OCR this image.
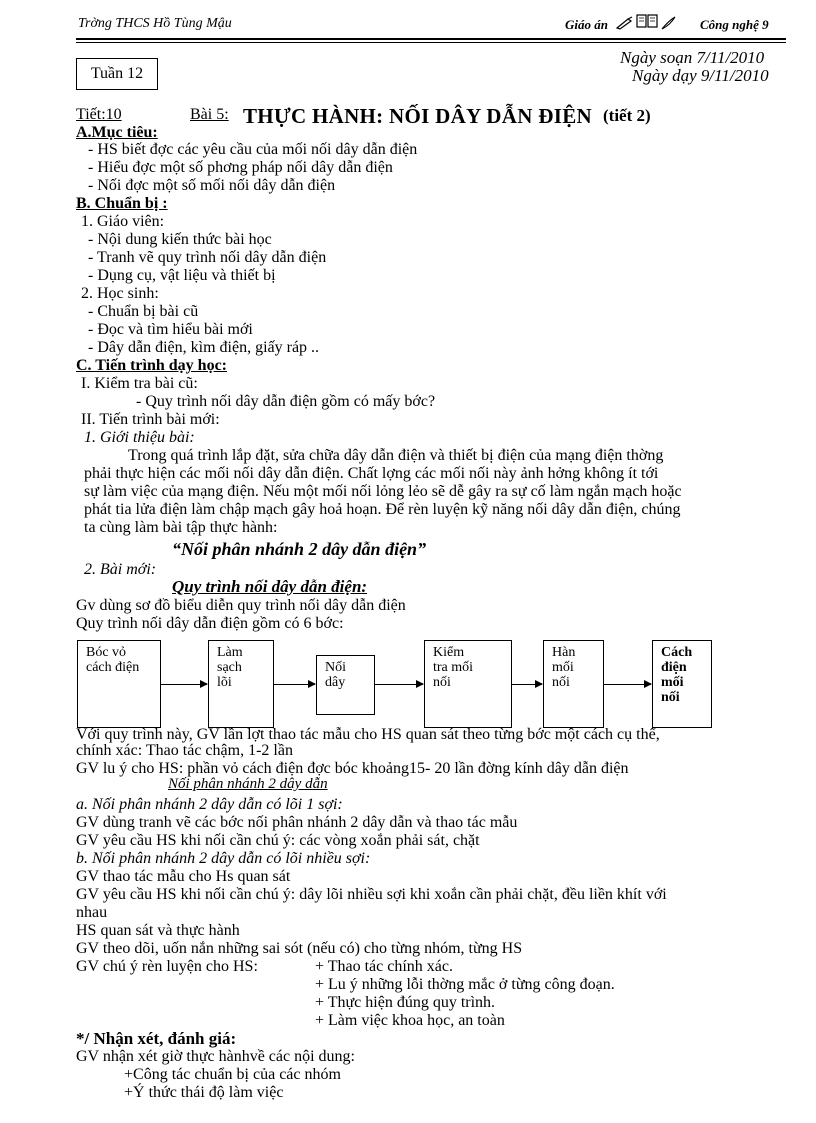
Trờng THCS Hồ Tùng Mậu	Giáo án	Công nghệ 9
Tuần 12
Ngày soạn 7/11/2010
Ngày dạy 9/11/2010
Tiết:10	Bài 5: THỰC HÀNH: NỐI DÂY DẪN ĐIỆN (tiết 2)
A.Mục tiêu:
- HS biết đợc các yêu cầu của mối nối dây dẫn điện
- Hiểu đợc một số phơng pháp nối dây dẫn điện
- Nối đợc một số mối nối dây dẫn điện
B. Chuẩn bị :
1. Giáo viên:
- Nội dung kiến thức bài học
- Tranh vẽ quy trình nối dây dẫn điện
- Dụng cụ, vật liệu và thiết bị
2. Học sinh:
- Chuẩn bị bài cũ
- Đọc và tìm hiểu bài mới
- Dây dẫn điện, kìm điện, giấy ráp ..
C. Tiến trình dạy học:
I. Kiểm tra bài cũ:
- Quy trình nối dây dẫn điện gồm có mấy bớc?
II. Tiến trình bài mới:
1. Giới thiệu bài:
Trong quá trình lắp đặt, sửa chữa dây dẫn điện và thiết bị điện của mạng điện thờng
phải thực hiện các mối nối dây dẫn điện. Chất lợng các mối nối này ảnh hởng không ít tới
sự làm việc của mạng điện. Nếu một mối nối lỏng lẻo sẽ dễ gây ra sự cố làm ngắn mạch hoặc
phát tia lửa điện làm chập mạch gây hoả hoạn. Để rèn luyện kỹ năng nối dây dẫn điện, chúng
ta cùng làm bài tập thực hành:
“Nối phân nhánh 2 dây dẫn điện”
2. Bài mới:
Quy trình nối dây dẫn điện:
Gv dùng sơ đồ biểu diễn quy trình nối dây dẫn điện
Quy trình nối dây dẫn điện gồm có 6 bớc:
Bóc vỏ
cách điện
Làm
sạch
lõi
Nối
dây
Kiểm
tra mối
nối
Hàn
mối
nối
Cách
điện
mối
nối
Với quy trình này, GV lần lợt thao tác mẫu cho HS quan sát theo từng bớc một cách cụ thể,
chính xác: Thao tác chậm, 1-2 lần
GV lu ý cho HS: phần vỏ cách điện đợc bóc khoảng15- 20 lần đờng kính dây dẫn điện
Nối phân nhánh 2 dây dẫn
a. Nối phân nhánh 2 dây dẫn có lõi 1 sợi:
GV dùng tranh vẽ các bớc nối phân nhánh 2 dây dẫn và thao tác mẫu
GV yêu cầu HS khi nối cần chú ý: các vòng xoắn phải sát, chặt
b. Nối phân nhánh 2 dây dẫn có lõi nhiều sợi:
GV thao tác mẫu cho Hs quan sát
GV yêu cầu HS khi nối cần chú ý: dây lõi nhiều sợi khi xoắn cần phải chặt, đều liền khít với
nhau
HS quan sát và thực hành
GV theo dõi, uốn nắn những sai sót (nếu có) cho từng nhóm, từng HS
GV chú ý rèn luyện cho HS:	+ Thao tác chính xác.
+ Lu ý những lỗi thờng mắc ở từng công đoạn.
+ Thực hiện đúng quy trình.
+ Làm việc khoa học, an toàn
*/ Nhận xét, đánh giá:
GV nhận xét giờ thực hànhvề các nội dung:
+Công tác chuẩn bị của các nhóm
+Ý thức thái độ làm việc
